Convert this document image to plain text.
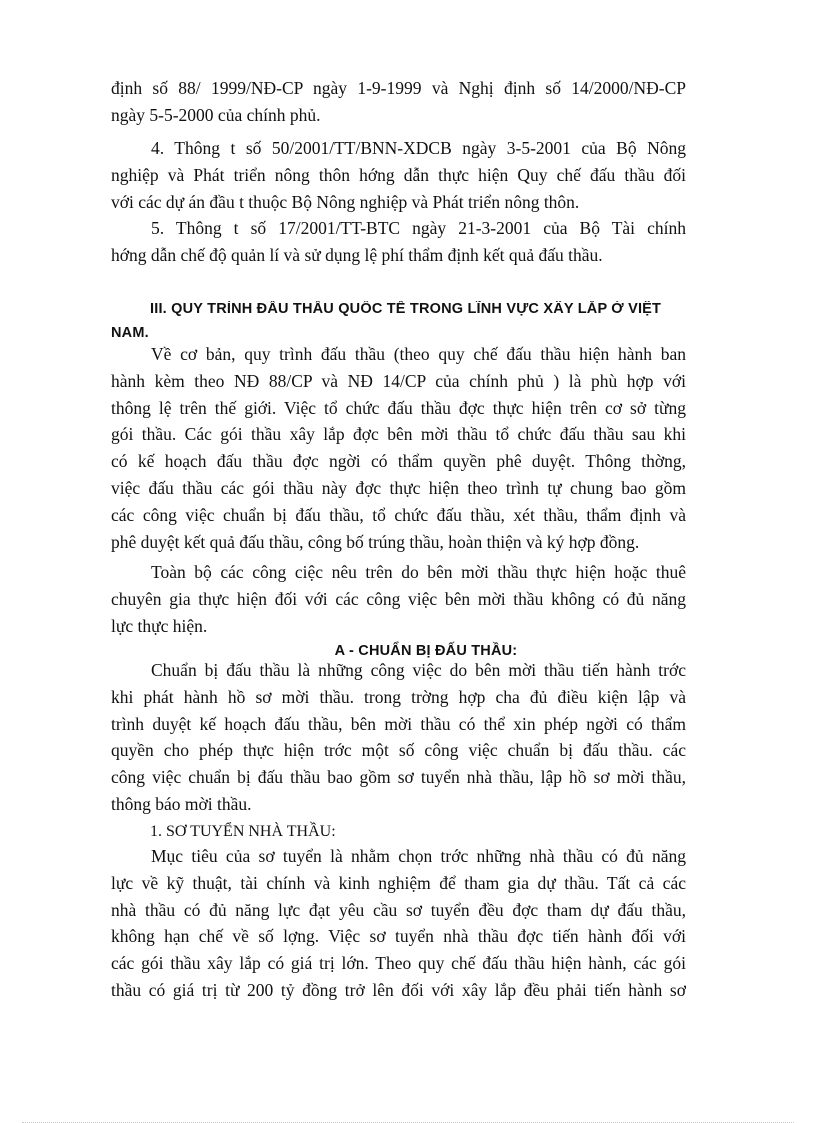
định số 88/ 1999/NĐ-CP ngày 1-9-1999 và Nghị định số 14/2000/NĐ-CP
ngày 5-5-2000 của chính phủ.
4. Thông t số 50/2001/TT/BNN-XDCB ngày 3-5-2001 của Bộ Nông
nghiệp và Phát triển nông thôn hớng dẫn thực hiện Quy chế đấu thầu đối
với các dự án đầu t thuộc Bộ Nông nghiệp và Phát triển nông thôn.
5. Thông t số 17/2001/TT-BTC ngày 21-3-2001 của Bộ Tài chính
hớng dẫn chế độ quản lí và sử dụng lệ phí thẩm định kết quả đấu thầu.
III. QUY TRÌNH ĐẤU THẦU QUỐC TẾ TRONG LĨNH VỰC XÂY LẮP Ở VIỆT
NAM.
Về cơ bản, quy trình đấu thầu (theo quy chế đấu thầu hiện hành ban
hành kèm theo NĐ 88/CP và NĐ 14/CP của chính phủ ) là phù hợp với
thông lệ trên thế giới. Việc tổ chức đấu thầu đợc thực hiện trên cơ sở từng
gói thầu. Các gói thầu xây lắp đợc bên mời thầu tổ chức đấu thầu sau khi
có kế hoạch đấu thầu đợc ngời có thẩm quyền phê duyệt. Thông thờng,
việc đấu thầu các gói thầu này đợc thực hiện theo trình tự chung bao gồm
các công việc chuẩn bị đấu thầu, tổ chức đấu thầu, xét thầu, thẩm định và
phê duyệt kết quả đấu thầu, công bố trúng thầu, hoàn thiện và ký hợp đồng.
Toàn bộ các công ciệc nêu trên do bên mời thầu thực hiện hoặc thuê
chuyên gia thực hiện đối với các công việc bên mời thầu không có đủ năng
lực thực hiện.
A - CHUẨN BỊ ĐẤU THẦU:
Chuẩn bị đấu thầu là những công việc do bên mời thầu tiến hành trớc
khi phát hành hồ sơ mời thầu. trong trờng hợp cha đủ điều kiện lập và
trình duyệt kế hoạch đấu thầu, bên mời thầu có thể xin phép ngời có thẩm
quyền cho phép thực hiện trớc một số công việc chuẩn bị đấu thầu. các
công việc chuẩn bị đấu thầu bao gồm sơ tuyển nhà thầu, lập hồ sơ mời thầu,
thông báo mời thầu.
1. SƠ TUYỂN NHÀ THẦU:
Mục tiêu của sơ tuyển là nhằm chọn trớc những nhà thầu có đủ năng
lực về kỹ thuật, tài chính và kinh nghiệm để tham gia dự thầu. Tất cả các
nhà thầu có đủ năng lực đạt yêu cầu sơ tuyển đều đợc tham dự đấu thầu,
không hạn chế về số lợng. Việc sơ tuyển nhà thầu đợc tiến hành đối với
các gói thầu xây lắp có giá trị lớn. Theo quy chế đấu thầu hiện hành, các gói
thầu có giá trị từ 200 tỷ đồng trở lên đối với xây lắp đều phải tiến hành sơ
